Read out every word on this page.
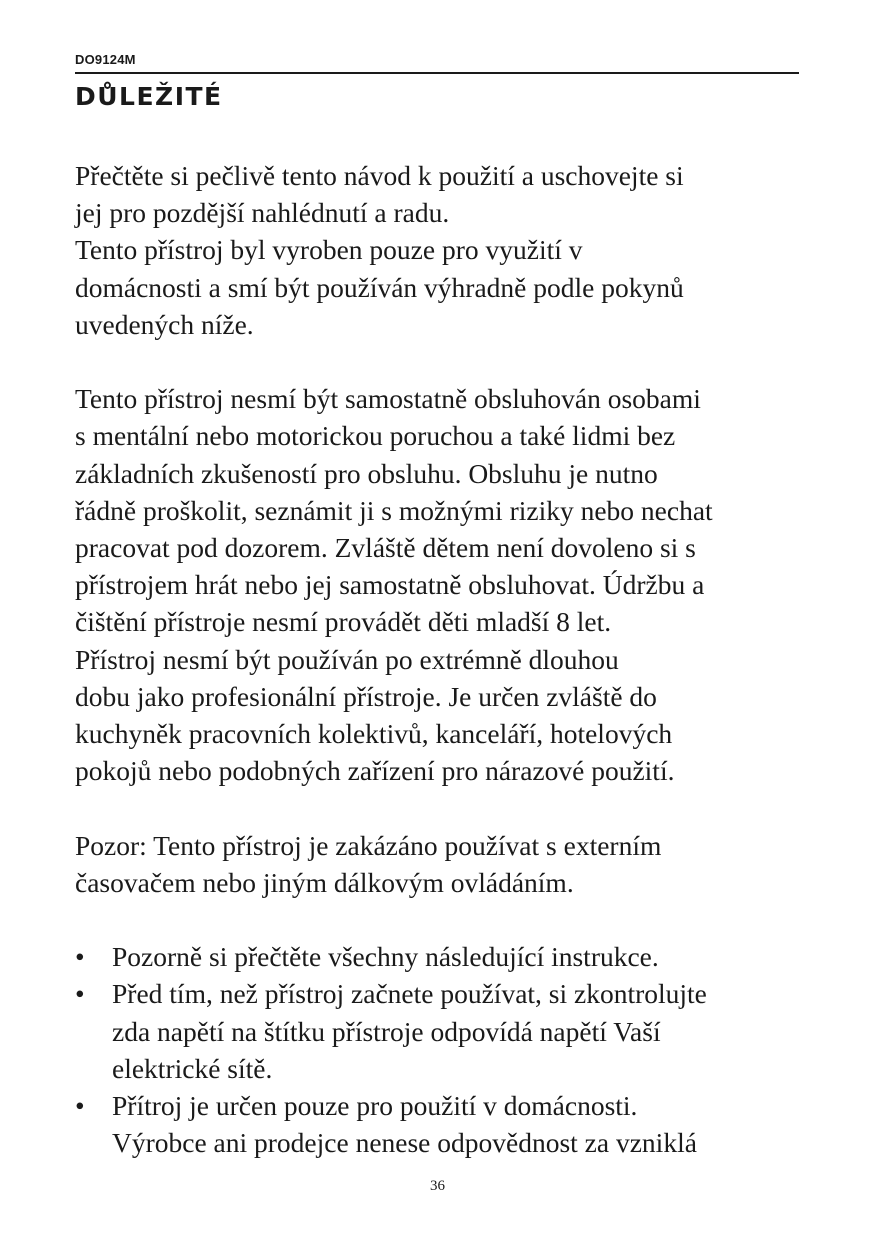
DO9124M
DŮLEŽITÉ

Přečtěte si pečlivě tento návod k použití a uschovejte si
jej pro pozdější nahlédnutí a radu.
Tento přístroj byl vyroben pouze pro využití v
domácnosti a smí být používán výhradně podle pokynů
uvedených níže.

Tento přístroj nesmí být samostatně obsluhován osobami
s mentální nebo motorickou poruchou a také lidmi bez
základních zkušeností pro obsluhu. Obsluhu je nutno
řádně proškolit, seznámit ji s možnými riziky nebo nechat
pracovat pod dozorem. Zvláště dětem není dovoleno si s
přístrojem hrát nebo jej samostatně obsluhovat. Údržbu a
čištění přístroje nesmí provádět děti mladší 8 let.
Přístroj nesmí být používán po extrémně dlouhou
dobu jako profesionální přístroje. Je určen zvláště do
kuchyněk pracovních kolektivů, kanceláří, hotelových
pokojů nebo podobných zařízení pro nárazové použití.

Pozor: Tento přístroj je zakázáno používat s externím
časovačem nebo jiným dálkovým ovládáním.

• Pozorně si přečtěte všechny následující instrukce.
• Před tím, než přístroj začnete používat, si zkontrolujte
zda napětí na štítku přístroje odpovídá napětí Vaší
elektrické sítě.
• Přítroj je určen pouze pro použití v domácnosti.
Výrobce ani prodejce nenese odpovědnost za vzniklá
36
